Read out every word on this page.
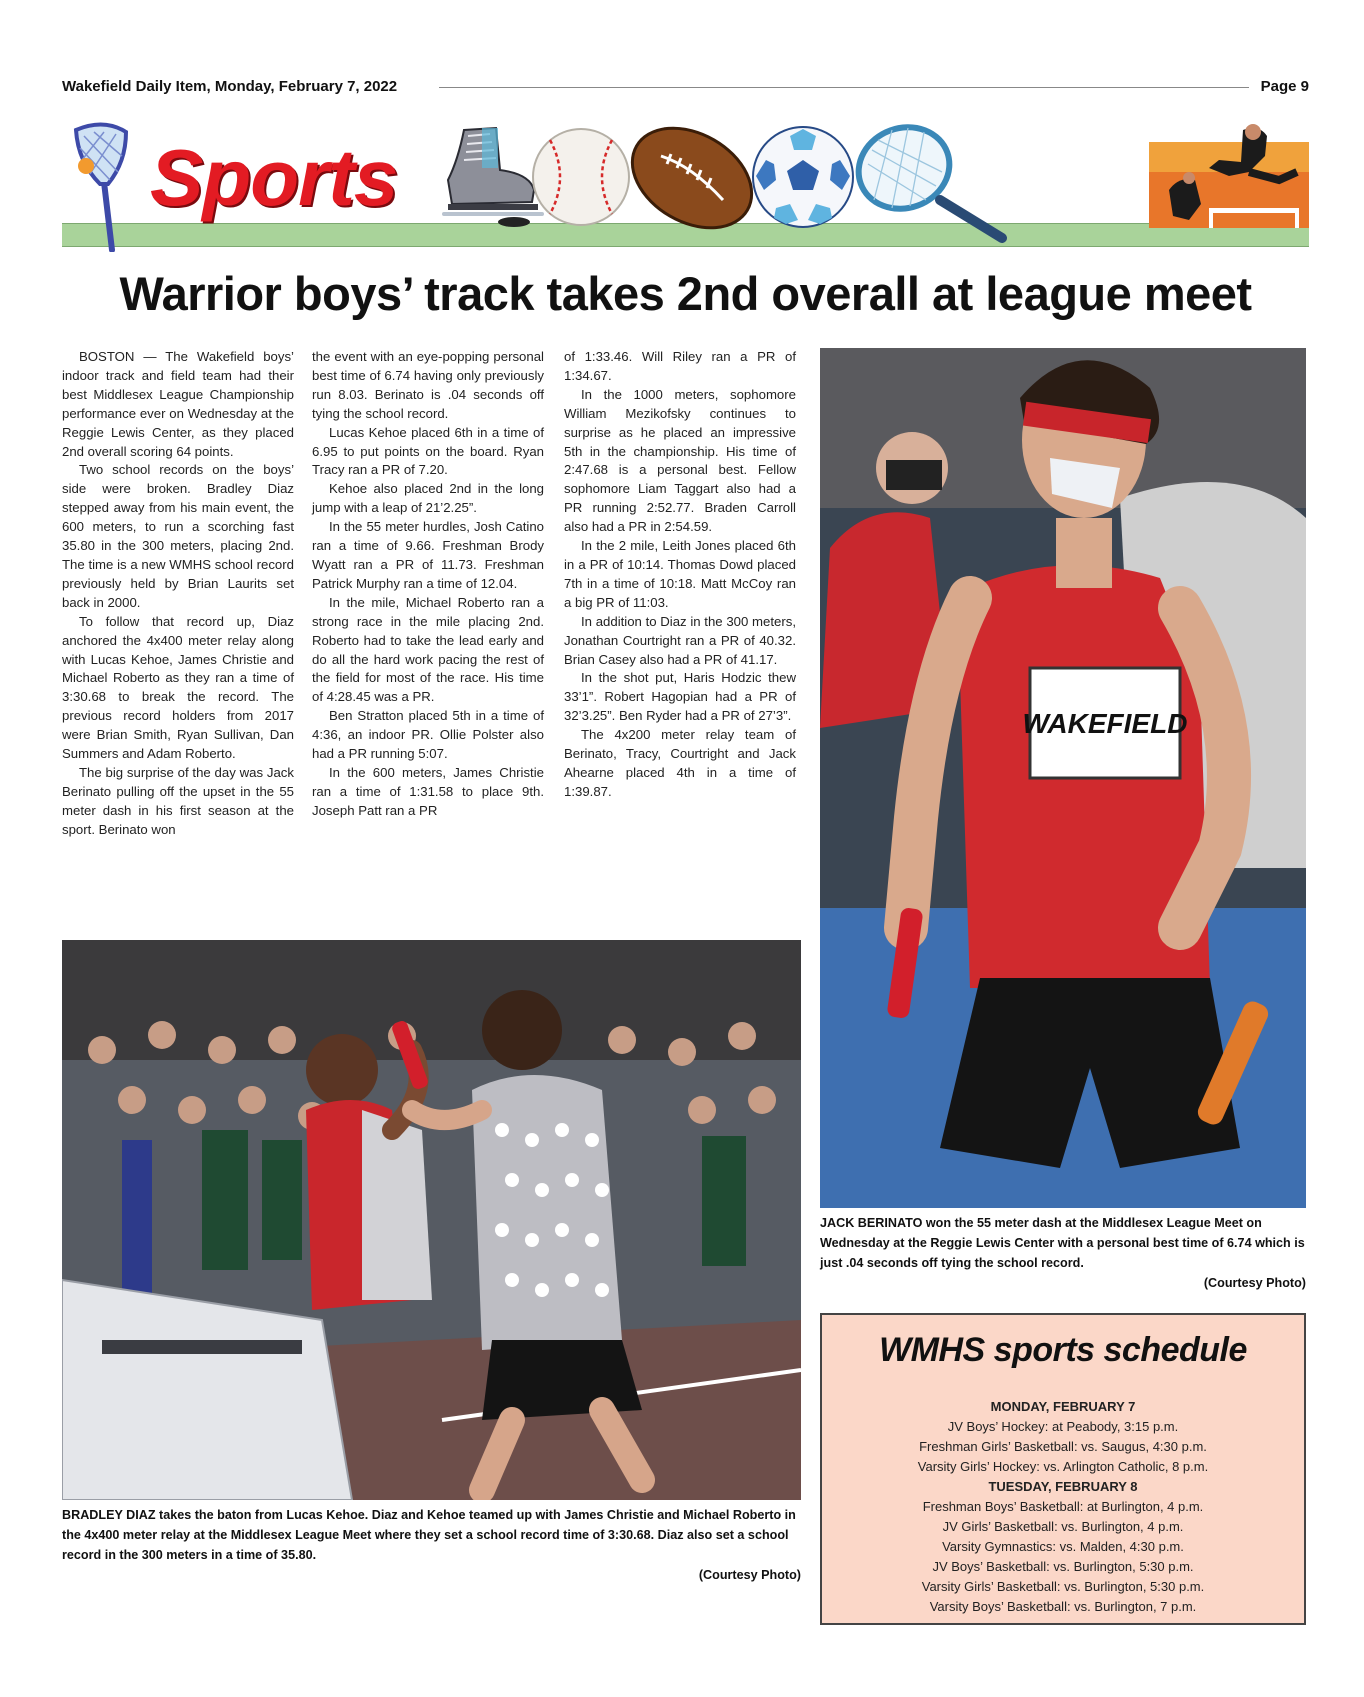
Wakefield Daily Item, Monday, February 7, 2022	Page 9
Sports
Warrior boys’ track takes 2nd overall at league meet

BOSTON — The Wakefield boys’ indoor track and field team had their best Middlesex League Championship performance ever on Wednesday at the Reggie Lewis Center, as they placed 2nd overall scoring 64 points.

Two school records on the boys’ side were broken. Bradley Diaz stepped away from his main event, the 600 meters, to run a scorching fast 35.80 in the 300 meters, placing 2nd. The time is a new WMHS school record previously held by Brian Laurits set back in 2000.

To follow that record up, Diaz anchored the 4x400 meter relay along with Lucas Kehoe, James Christie and Michael Roberto as they ran a time of 3:30.68 to break the record. The previous record holders from 2017 were Brian Smith, Ryan Sullivan, Dan Summers and Adam Roberto.

The big surprise of the day was Jack Berinato pulling off the upset in the 55 meter dash in his first season at the sport. Berinato won

the event with an eye-popping personal best time of 6.74 having only previously run 8.03. Berinato is .04 seconds off tying the school record.

Lucas Kehoe placed 6th in a time of 6.95 to put points on the board. Ryan Tracy ran a PR of 7.20.

Kehoe also placed 2nd in the long jump with a leap of 21’2.25”.

In the 55 meter hurdles, Josh Catino ran a time of 9.66. Freshman Brody Wyatt ran a PR of 11.73. Freshman Patrick Murphy ran a time of 12.04.

In the mile, Michael Roberto ran a strong race in the mile placing 2nd. Roberto had to take the lead early and do all the hard work pacing the rest of the field for most of the race. His time of 4:28.45 was a PR.

Ben Stratton placed 5th in a time of 4:36, an indoor PR. Ollie Polster also had a PR running 5:07.

In the 600 meters, James Christie ran a time of 1:31.58 to place 9th. Joseph Patt ran a PR

of 1:33.46. Will Riley ran a PR of 1:34.67.

In the 1000 meters, sophomore William Mezikofsky continues to surprise as he placed an impressive 5th in the championship. His time of 2:47.68 is a personal best. Fellow sophomore Liam Taggart also had a PR running 2:52.77. Braden Carroll also had a PR in 2:54.59.

In the 2 mile, Leith Jones placed 6th in a PR of 10:14. Thomas Dowd placed 7th in a time of 10:18. Matt McCoy ran a big PR of 11:03.

In addition to Diaz in the 300 meters, Jonathan Courtright ran a PR of 40.32. Brian Casey also had a PR of 41.17.

In the shot put, Haris Hodzic thew 33’1”. Robert Hagopian had a PR of 32’3.25”. Ben Ryder had a PR of 27’3”.

The 4x200 meter relay team of Berinato, Tracy, Courtright and Jack Ahearne placed 4th in a time of 1:39.87.

WAKEFIELD
JACK BERINATO won the 55 meter dash at the Middlesex League Meet on Wednesday at the Reggie Lewis Center with a personal best time of 6.74 which is just .04 seconds off tying the school record.
(Courtesy Photo)
BRADLEY DIAZ takes the baton from Lucas Kehoe. Diaz and Kehoe teamed up with James Christie and Michael Roberto in the 4x400 meter relay at the Middlesex League Meet where they set a school record time of 3:30.68. Diaz also set a school record in the 300 meters in a time of 35.80.
(Courtesy Photo)
WMHS sports schedule
MONDAY, FEBRUARY 7
JV Boys’ Hockey: at Peabody, 3:15 p.m.
Freshman Girls’ Basketball: vs. Saugus, 4:30 p.m.
Varsity Girls’ Hockey: vs. Arlington Catholic, 8 p.m.
TUESDAY, FEBRUARY 8
Freshman Boys’ Basketball: at Burlington, 4 p.m.
JV Girls’ Basketball: vs. Burlington, 4 p.m.
Varsity Gymnastics: vs. Malden, 4:30 p.m.
JV Boys’ Basketball: vs. Burlington, 5:30 p.m.
Varsity Girls’ Basketball: vs. Burlington, 5:30 p.m.
Varsity Boys’ Basketball: vs. Burlington, 7 p.m.
